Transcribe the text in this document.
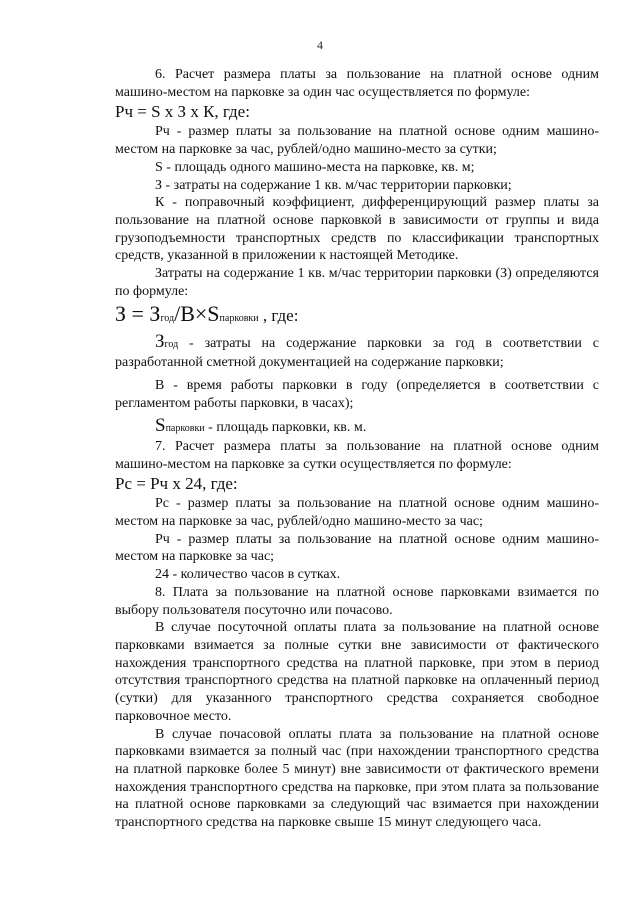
4

6. Расчет размера платы за пользование на платной основе одним машино-местом на парковке за один час осуществляется по формуле:

Рч = S х З х К, где:

Рч - размер платы за пользование на платной основе одним машино-местом на парковке за час, рублей/одно машино-место за сутки;

S - площадь одного машино-места на парковке, кв. м;

З - затраты на содержание 1 кв. м/час территории парковки;

К - поправочный коэффициент, дифференцирующий размер платы за пользование на платной основе парковкой в зависимости от группы и вида грузоподъемности транспортных средств по классификации транспортных средств, указанной в приложении к настоящей Методике.

Затраты на содержание 1 кв. м/час территории парковки (З) определяются по формуле:

З = Згод/В×Sпарковки , где:

Згод - затраты на содержание парковки за год в соответствии с разработанной сметной документацией на содержание парковки;

В - время работы парковки в году (определяется в соответствии с регламентом работы парковки, в часах);

Sпарковки - площадь парковки, кв. м.

7. Расчет размера платы за пользование на платной основе одним машино-местом на парковке за сутки осуществляется по формуле:

Рс = Рч х 24, где:

Рс - размер платы за пользование на платной основе одним машино-местом на парковке за час, рублей/одно машино-место за час;

Рч - размер платы за пользование на платной основе одним машино-местом на парковке за час;

24 - количество часов в сутках.

8. Плата за пользование на платной основе парковками взимается по выбору пользователя посуточно или почасово.

В случае посуточной оплаты плата за пользование на платной основе парковками взимается за полные сутки вне зависимости от фактического нахождения транспортного средства на платной парковке, при этом в период отсутствия транспортного средства на платной парковке на оплаченный период (сутки) для указанного транспортного средства сохраняется свободное парковочное место.

В случае почасовой оплаты плата за пользование на платной основе парковками взимается за полный час (при нахождении транспортного средства на платной парковке более 5 минут) вне зависимости от фактического времени нахождения транспортного средства на парковке, при этом плата за пользование на платной основе парковками за следующий час взимается при нахождении транспортного средства на парковке свыше 15 минут следующего часа.
